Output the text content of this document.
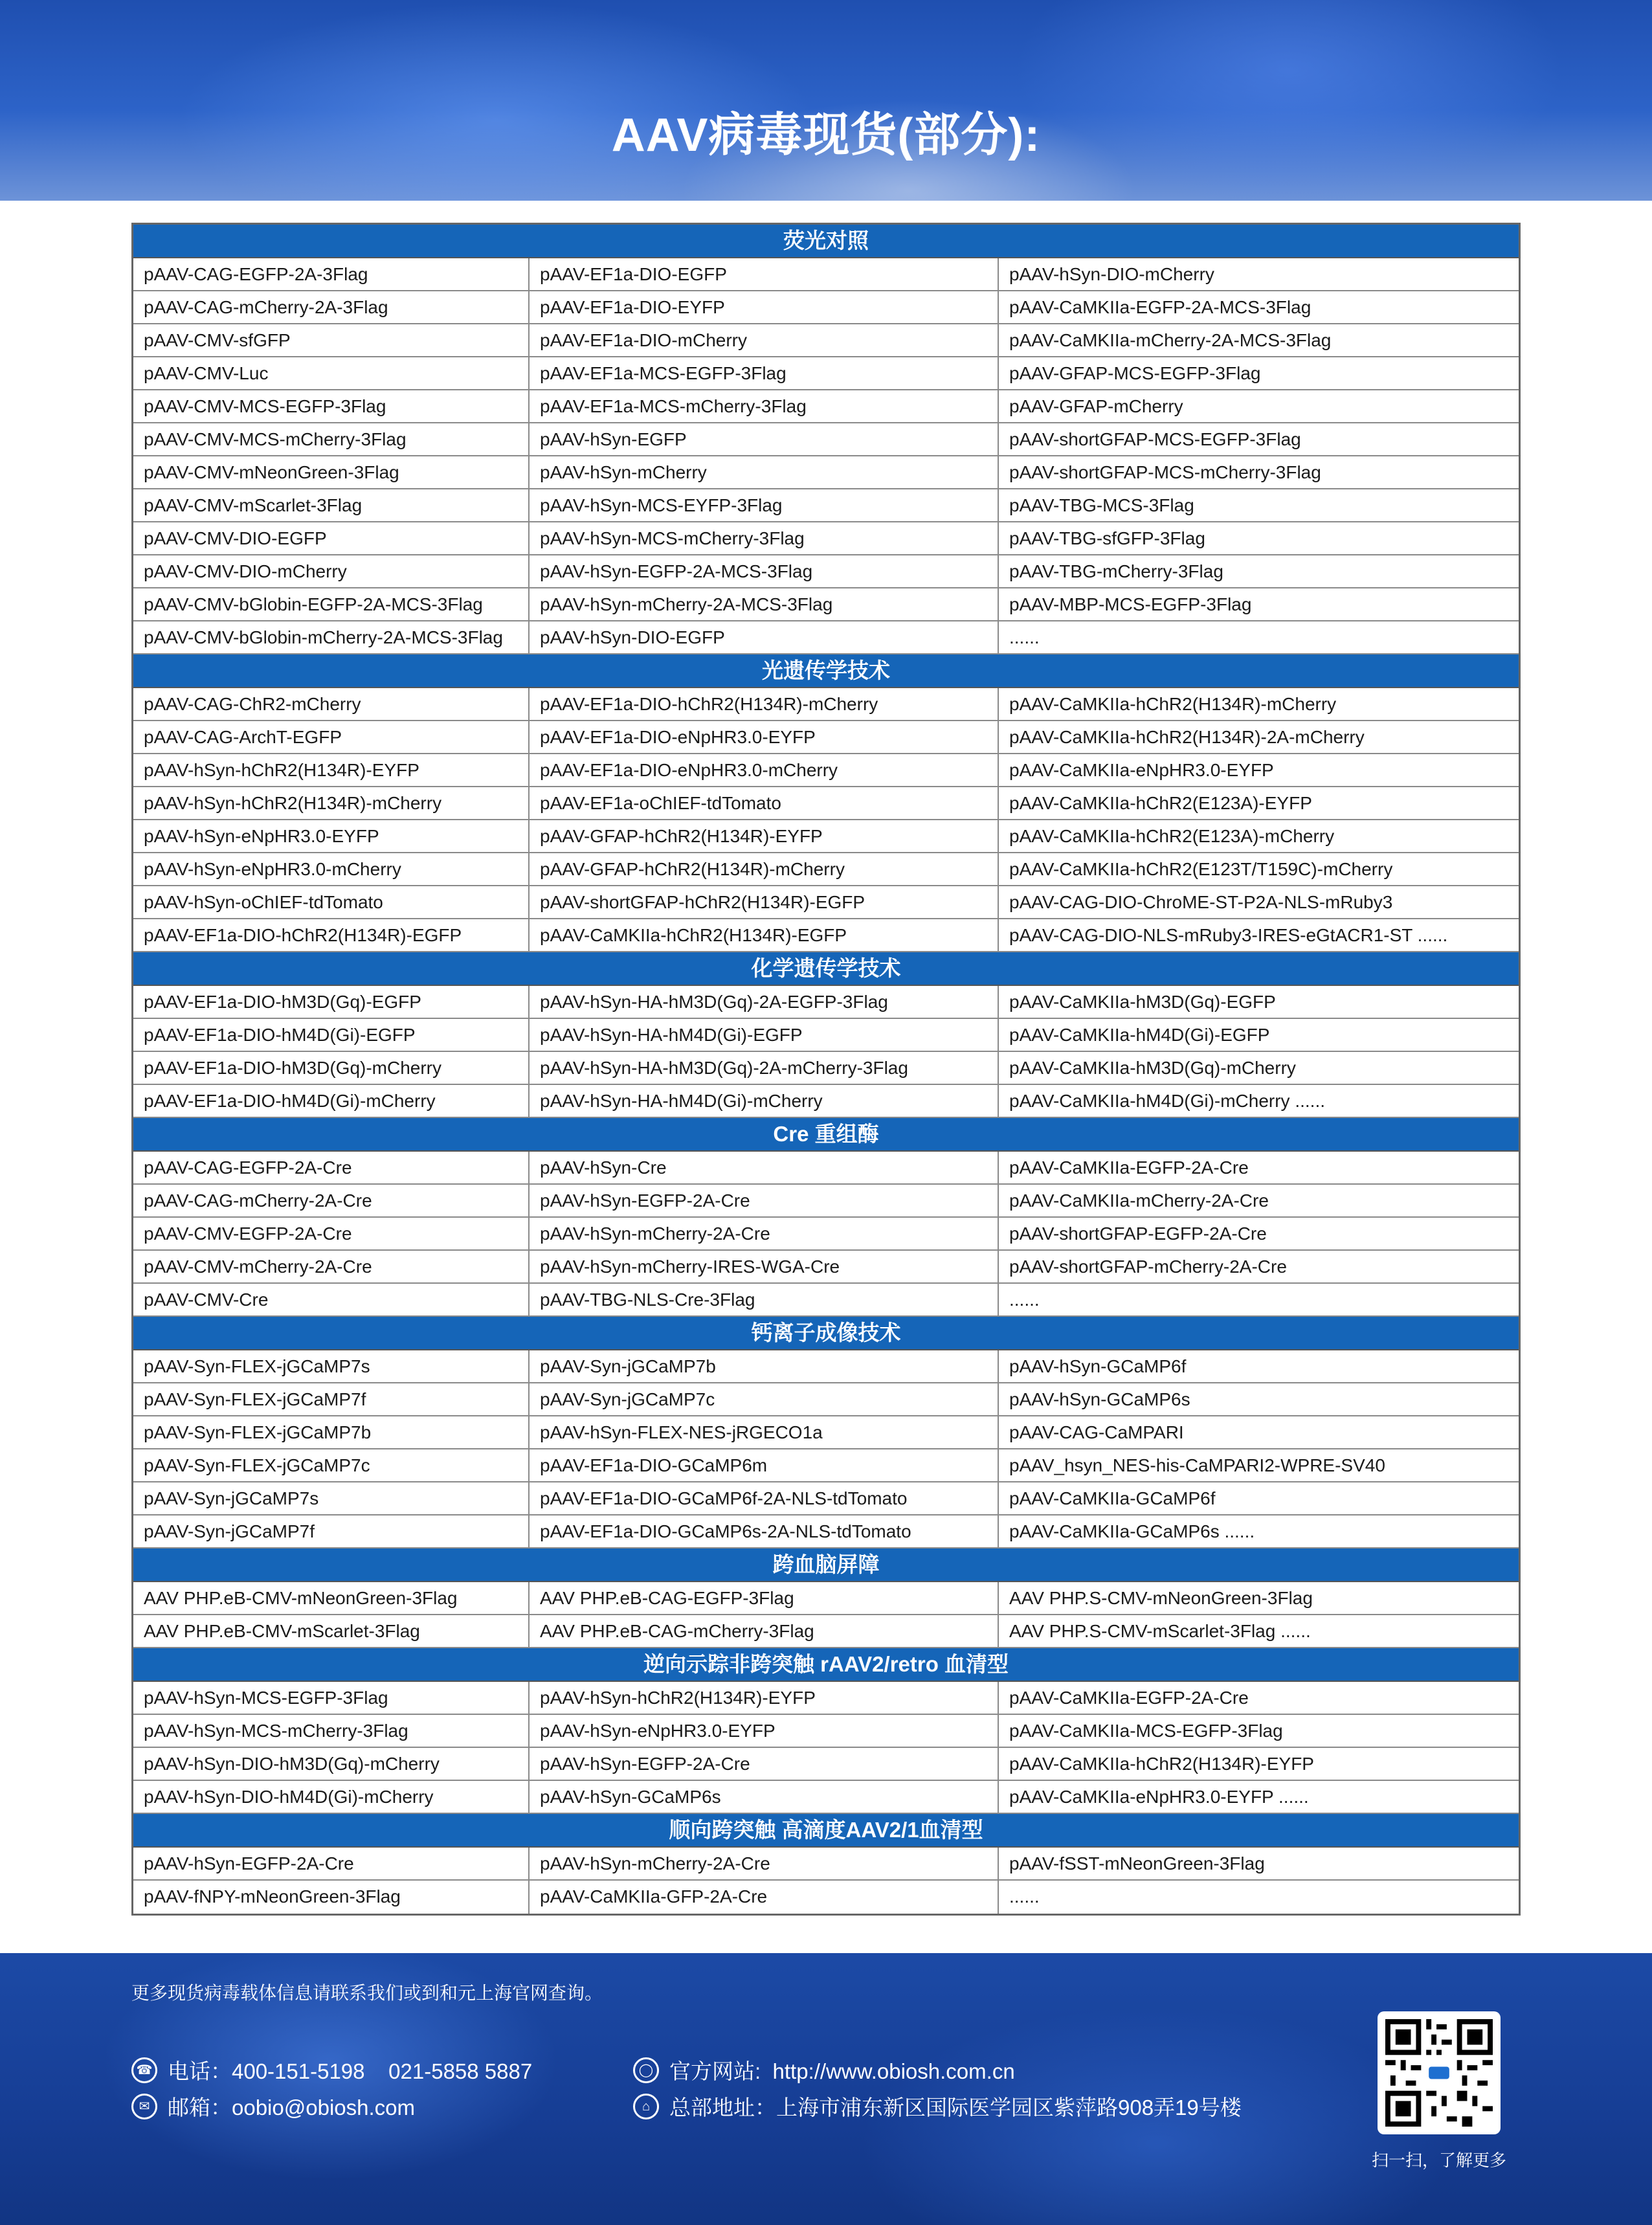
AAV病毒现货(部分):
荧光对照
pAAV-CAG-EGFP-2A-3Flag	pAAV-EF1a-DIO-EGFP	pAAV-hSyn-DIO-mCherry
pAAV-CAG-mCherry-2A-3Flag	pAAV-EF1a-DIO-EYFP	pAAV-CaMKIIa-EGFP-2A-MCS-3Flag
pAAV-CMV-sfGFP	pAAV-EF1a-DIO-mCherry	pAAV-CaMKIIa-mCherry-2A-MCS-3Flag
pAAV-CMV-Luc	pAAV-EF1a-MCS-EGFP-3Flag	pAAV-GFAP-MCS-EGFP-3Flag
pAAV-CMV-MCS-EGFP-3Flag	pAAV-EF1a-MCS-mCherry-3Flag	pAAV-GFAP-mCherry
pAAV-CMV-MCS-mCherry-3Flag	pAAV-hSyn-EGFP	pAAV-shortGFAP-MCS-EGFP-3Flag
pAAV-CMV-mNeonGreen-3Flag	pAAV-hSyn-mCherry	pAAV-shortGFAP-MCS-mCherry-3Flag
pAAV-CMV-mScarlet-3Flag	pAAV-hSyn-MCS-EYFP-3Flag	pAAV-TBG-MCS-3Flag
pAAV-CMV-DIO-EGFP	pAAV-hSyn-MCS-mCherry-3Flag	pAAV-TBG-sfGFP-3Flag
pAAV-CMV-DIO-mCherry	pAAV-hSyn-EGFP-2A-MCS-3Flag	pAAV-TBG-mCherry-3Flag
pAAV-CMV-bGlobin-EGFP-2A-MCS-3Flag	pAAV-hSyn-mCherry-2A-MCS-3Flag	pAAV-MBP-MCS-EGFP-3Flag
pAAV-CMV-bGlobin-mCherry-2A-MCS-3Flag	pAAV-hSyn-DIO-EGFP	......
光遗传学技术
pAAV-CAG-ChR2-mCherry	pAAV-EF1a-DIO-hChR2(H134R)-mCherry	pAAV-CaMKIIa-hChR2(H134R)-mCherry
pAAV-CAG-ArchT-EGFP	pAAV-EF1a-DIO-eNpHR3.0-EYFP	pAAV-CaMKIIa-hChR2(H134R)-2A-mCherry
pAAV-hSyn-hChR2(H134R)-EYFP	pAAV-EF1a-DIO-eNpHR3.0-mCherry	pAAV-CaMKIIa-eNpHR3.0-EYFP
pAAV-hSyn-hChR2(H134R)-mCherry	pAAV-EF1a-oChIEF-tdTomato	pAAV-CaMKIIa-hChR2(E123A)-EYFP
pAAV-hSyn-eNpHR3.0-EYFP	pAAV-GFAP-hChR2(H134R)-EYFP	pAAV-CaMKIIa-hChR2(E123A)-mCherry
pAAV-hSyn-eNpHR3.0-mCherry	pAAV-GFAP-hChR2(H134R)-mCherry	pAAV-CaMKIIa-hChR2(E123T/T159C)-mCherry
pAAV-hSyn-oChIEF-tdTomato	pAAV-shortGFAP-hChR2(H134R)-EGFP	pAAV-CAG-DIO-ChroME-ST-P2A-NLS-mRuby3
pAAV-EF1a-DIO-hChR2(H134R)-EGFP	pAAV-CaMKIIa-hChR2(H134R)-EGFP	pAAV-CAG-DIO-NLS-mRuby3-IRES-eGtACR1-ST ......
化学遗传学技术
pAAV-EF1a-DIO-hM3D(Gq)-EGFP	pAAV-hSyn-HA-hM3D(Gq)-2A-EGFP-3Flag	pAAV-CaMKIIa-hM3D(Gq)-EGFP
pAAV-EF1a-DIO-hM4D(Gi)-EGFP	pAAV-hSyn-HA-hM4D(Gi)-EGFP	pAAV-CaMKIIa-hM4D(Gi)-EGFP
pAAV-EF1a-DIO-hM3D(Gq)-mCherry	pAAV-hSyn-HA-hM3D(Gq)-2A-mCherry-3Flag	pAAV-CaMKIIa-hM3D(Gq)-mCherry
pAAV-EF1a-DIO-hM4D(Gi)-mCherry	pAAV-hSyn-HA-hM4D(Gi)-mCherry	pAAV-CaMKIIa-hM4D(Gi)-mCherry ......
Cre 重组酶
pAAV-CAG-EGFP-2A-Cre	pAAV-hSyn-Cre	pAAV-CaMKIIa-EGFP-2A-Cre
pAAV-CAG-mCherry-2A-Cre	pAAV-hSyn-EGFP-2A-Cre	pAAV-CaMKIIa-mCherry-2A-Cre
pAAV-CMV-EGFP-2A-Cre	pAAV-hSyn-mCherry-2A-Cre	pAAV-shortGFAP-EGFP-2A-Cre
pAAV-CMV-mCherry-2A-Cre	pAAV-hSyn-mCherry-IRES-WGA-Cre	pAAV-shortGFAP-mCherry-2A-Cre
pAAV-CMV-Cre	pAAV-TBG-NLS-Cre-3Flag	......
钙离子成像技术
pAAV-Syn-FLEX-jGCaMP7s	pAAV-Syn-jGCaMP7b	pAAV-hSyn-GCaMP6f
pAAV-Syn-FLEX-jGCaMP7f	pAAV-Syn-jGCaMP7c	pAAV-hSyn-GCaMP6s
pAAV-Syn-FLEX-jGCaMP7b	pAAV-hSyn-FLEX-NES-jRGECO1a	pAAV-CAG-CaMPARI
pAAV-Syn-FLEX-jGCaMP7c	pAAV-EF1a-DIO-GCaMP6m	pAAV_hsyn_NES-his-CaMPARI2-WPRE-SV40
pAAV-Syn-jGCaMP7s	pAAV-EF1a-DIO-GCaMP6f-2A-NLS-tdTomato	pAAV-CaMKIIa-GCaMP6f
pAAV-Syn-jGCaMP7f	pAAV-EF1a-DIO-GCaMP6s-2A-NLS-tdTomato	pAAV-CaMKIIa-GCaMP6s ......
跨血脑屏障
AAV PHP.eB-CMV-mNeonGreen-3Flag	AAV PHP.eB-CAG-EGFP-3Flag	AAV PHP.S-CMV-mNeonGreen-3Flag
AAV PHP.eB-CMV-mScarlet-3Flag	AAV PHP.eB-CAG-mCherry-3Flag	AAV PHP.S-CMV-mScarlet-3Flag ......
逆向示踪非跨突触 rAAV2/retro 血清型
pAAV-hSyn-MCS-EGFP-3Flag	pAAV-hSyn-hChR2(H134R)-EYFP	pAAV-CaMKIIa-EGFP-2A-Cre
pAAV-hSyn-MCS-mCherry-3Flag	pAAV-hSyn-eNpHR3.0-EYFP	pAAV-CaMKIIa-MCS-EGFP-3Flag
pAAV-hSyn-DIO-hM3D(Gq)-mCherry	pAAV-hSyn-EGFP-2A-Cre	pAAV-CaMKIIa-hChR2(H134R)-EYFP
pAAV-hSyn-DIO-hM4D(Gi)-mCherry	pAAV-hSyn-GCaMP6s	pAAV-CaMKIIa-eNpHR3.0-EYFP ......
顺向跨突触 高滴度AAV2/1血清型
pAAV-hSyn-EGFP-2A-Cre	pAAV-hSyn-mCherry-2A-Cre	pAAV-fSST-mNeonGreen-3Flag
pAAV-fNPY-mNeonGreen-3Flag	pAAV-CaMKIIa-GFP-2A-Cre	......
更多现货病毒载体信息请联系我们或到和元上海官网查询。
☎ 电话：400-151-5198    021-5858 5887
✉ 邮箱：oobio@obiosh.com
◯ 官方网站:  http://www.obiosh.com.cn
⌂ 总部地址：上海市浦东新区国际医学园区紫萍路908弄19号楼
扫一扫，了解更多
